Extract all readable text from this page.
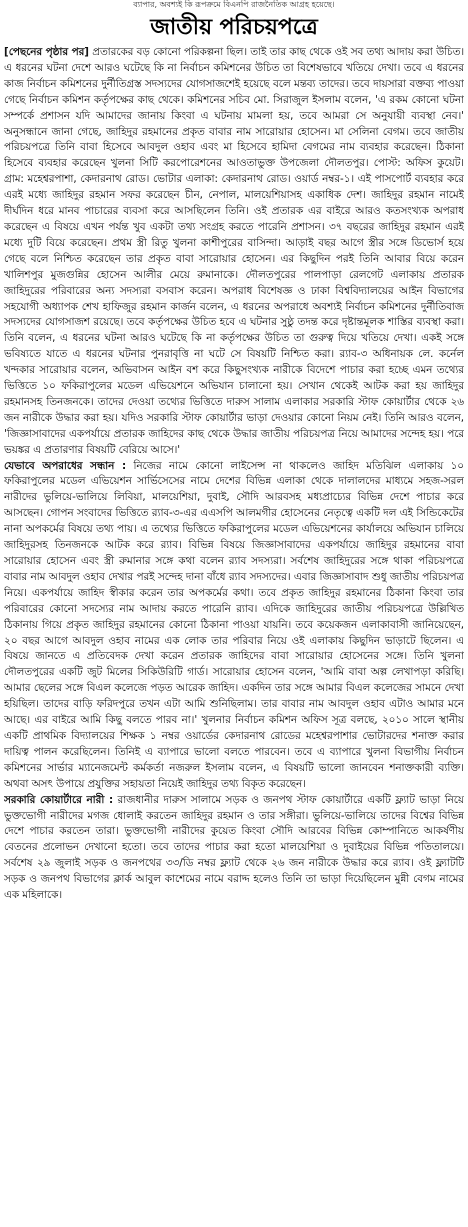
ব্যাপার, অবশ্যই কি রূপক্রমে বিএনপি রাজনৈতিক আগ্রহ হয়েছে।
জাতীয় পরিচয়পত্রে

[পেছনের পৃষ্ঠার পর] প্রতারকের বড় কোনো পরিকল্পনা ছিল। তাই তার কাছ থেকে ওই সব তথ্য আদায় করা উচিত। এ ধরনের ঘটনা দেশে আরও ঘটেছে কি না নির্বাচন কমিশনের উচিত তা বিশেষভাবে খতিয়ে দেখা। তবে এ ধরনের কাজ নির্বাচন কমিশনের দুর্নীতিগ্রস্ত সদস্যদের যোগসাজশেই হয়েছে বলে মন্তব্য তাদের। তবে দায়সারা বক্তব্য পাওয়া গেছে নির্বাচন কমিশন কর্তৃপক্ষের কাছ থেকে। কমিশনের সচিব মো. সিরাজুল ইসলাম বলেন, 'এ রকম কোনো ঘটনা সম্পর্কে প্রশাসন যদি আমাদের জানায় কিংবা এ ঘটনায় মামলা হয়, তবে আমরা সে অনুযায়ী ব্যবস্থা নেব।' অনুসন্ধানে জানা গেছে, জাহিদুর রহমানের প্রকৃত বাবার নাম সারোয়ার হোসেন। মা সেলিনা বেগম। তবে জাতীয় পরিচয়পত্রে তিনি বাবা হিসেবে আবদুল ওহাব এবং মা হিসেবে হামিদা বেগমের নাম ব্যবহার করেছেন। ঠিকানা হিসেবে ব্যবহার করেছেন খুলনা সিটি করপোরেশনের আওতাভুক্ত উপজেলা দৌলতপুর। পোস্ট: অফিস কুয়েট। গ্রাম: মহেশ্বরপাশা, কেদারনাথ রোড। ভোটার এলাকা: কেদারনাথ রোড। ওয়ার্ড নম্বর-১। এই পাসপোর্ট ব্যবহার করে এরই মধ্যে জাহিদুর রহমান সফর করেছেন চীন, নেপাল, মালয়েশিয়াসহ একাধিক দেশ। জাহিদুর রহমান নামেই দীর্ঘদিন ধরে মানব পাচারের ব্যবসা করে আসছিলেন তিনি। ওই প্রতারক এর বাইরে আরও কতসংখ্যক অপরাধ করেছেন এ বিষয়ে এখন পর্যন্ত খুব একটা তথ্য সংগ্রহ করতে পারেনি প্রশাসন। ৩৭ বছরের জাহিদুর রহমান এরই মধ্যে দুটি বিয়ে করেছেন। প্রথম স্ত্রী রিতু খুলনা কাশীপুরের বাসিন্দা। আড়াই বছর আগে স্ত্রীর সঙ্গে ডিভোর্স হয়ে গেছে বলে নিশ্চিত করেছেন তার প্রকৃত বাবা সারোয়ার হোসেন। এর কিছুদিন পরই তিনি আবার বিয়ে করেন খালিশপুর মুজগুন্নির হোসেন আলীর মেয়ে রুমানাকে। দৌলতপুরের পালপাড়া রেলগেট এলাকায় প্রতারক জাহিদুরের পরিবারের অন্য সদস্যরা বসবাস করেন। অপরাধ বিশেষজ্ঞ ও ঢাকা বিশ্ববিদ্যালয়ের আইন বিভাগের সহযোগী অধ্যাপক শেখ হাফিজুর রহমান কার্জন বলেন, এ ধরনের অপরাধে অবশ্যই নির্বাচন কমিশনের দুর্নীতিবাজ সদস্যদের যোগসাজশ রয়েছে। তবে কর্তৃপক্ষের উচিত হবে এ ঘটনার সুষ্ঠু তদন্ত করে দৃষ্টান্তমূলক শাস্তির ব্যবস্থা করা। তিনি বলেন, এ ধরনের ঘটনা আরও ঘটেছে কি না কর্তৃপক্ষের উচিত তা গুরুত্ব দিয়ে খতিয়ে দেখা। একই সঙ্গে ভবিষ্যতে যাতে এ ধরনের ঘটনার পুনরাবৃত্তি না ঘটে সে বিষয়টি নিশ্চিত করা। র‌্যাব-৩ অধিনায়ক লে. কর্নেল খন্দকার সারোয়ার বলেন, অভিবাসন আইন বশ করে কিছুসংখ্যক নারীকে বিদেশে পাচার করা হচ্ছে এমন তথ্যের ভিত্তিতে ১০ ফকিরাপুলের মডেল এভিয়েশনে অভিযান চালানো হয়। সেখান থেকেই আটক করা হয় জাহিদুর রহমানসহ তিনজনকে। তাদের দেওয়া তথ্যের ভিত্তিতে দারুস সালাম এলাকার সরকারি স্টাফ কোয়ার্টার থেকে ২৬ জন নারীকে উদ্ধার করা হয়। যদিও সরকারি স্টাফ কোয়ার্টার ভাড়া দেওয়ার কোনো নিয়ম নেই। তিনি আরও বলেন, 'জিজ্ঞাসাবাদের একপর্যায়ে প্রতারক জাহিদের কাছ থেকে উদ্ধার জাতীয় পরিচয়পত্র নিয়ে আমাদের সন্দেহ হয়। পরে ভয়ঙ্কর এ প্রতারণার বিষয়টি বেরিয়ে আসে।'

যেভাবে অপরাধের সন্ধান : নিজের নামে কোনো লাইসেন্স না থাকলেও জাহিদ মতিঝিল এলাকায় ১০ ফকিরাপুলের মডেল এভিয়েশন সার্ভিসেসের নামে দেশের বিভিন্ন এলাকা থেকে দালালদের মাধ্যমে সহজ-সরল নারীদের ভুলিয়ে-ভালিয়ে লিবিয়া, মালয়েশিয়া, দুবাই, সৌদি আরবসহ মধ্যপ্রাচ্যের বিভিন্ন দেশে পাচার করে আসছেন। গোপন সংবাদের ভিত্তিতে র‌্যাব-৩-এর এএসপি আলমগীর হোসেনের নেতৃত্বে একটি দল এই সিন্ডিকেটের নানা অপকর্মের বিষয়ে তথ্য পায়। এ তথ্যের ভিত্তিতে ফকিরাপুলের মডেল এভিয়েশনের কার্যালয়ে অভিযান চালিয়ে জাহিদুরসহ তিনজনকে আটক করে র‌্যাব। বিভিন্ন বিষয়ে জিজ্ঞাসাবাদের একপর্যায়ে জাহিদুর রহমানের বাবা সারোয়ার হোসেন এবং স্ত্রী রুমানার সঙ্গে কথা বলেন র‌্যাব সদস্যরা। সর্বশেষ জাহিদুরের সঙ্গে থাকা পরিচয়পত্রে বাবার নাম আবদুল ওহাব দেখার পরই সন্দেহ দানা বাঁধে র‌্যাব সদস্যদের। এবার জিজ্ঞাসাবাদ শুধু জাতীয় পরিচয়পত্র নিয়ে। একপর্যায়ে জাহিদ স্বীকার করেন তার অপকর্মের কথা। তবে প্রকৃত জাহিদুর রহমানের ঠিকানা কিংবা তার পরিবারের কোনো সদস্যের নাম আদায় করতে পারেনি র‌্যাব। এদিকে জাহিদুরের জাতীয় পরিচয়পত্রে উল্লিখিত ঠিকানায় গিয়ে প্রকৃত জাহিদুর রহমানের কোনো ঠিকানা পাওয়া যায়নি। তবে কয়েকজন এলাকাবাসী জানিয়েছেন, ২০ বছর আগে আবদুল ওহাব নামের এক লোক তার পরিবার নিয়ে ওই এলাকায় কিছুদিন ভাড়াটে ছিলেন। এ বিষয়ে জানতে এ প্রতিবেদক দেখা করেন প্রতারক জাহিদের বাবা সারোয়ার হোসেনের সঙ্গে। তিনি খুলনা দৌলতপুরের একটি জুট মিলের সিকিউরিটি গার্ড। সারোয়ার হোসেন বলেন, 'আমি বাবা অল্প লেখাপড়া করিছি। আমার ছেলের সঙ্গে বিএল কলেজে পড়ত আরেক জাহিদ। একদিন তার সঙ্গে আমার বিএল কলেজের সামনে দেখা হয়িছিল। তাদের বাড়ি ফরিদপুরে তখন এটা আমি শুনিছিলাম। তার বাবার নাম আবদুল ওহাব এটাও আমার মনে আছে। এর বাইরে আমি কিছু বলতে পারব না।' খুলনার নির্বাচন কমিশন অফিস সূত্র বলছে, ২০১০ সালে স্থানীয় একটি প্রাথমিক বিদ্যালয়ের শিক্ষক ১ নম্বর ওয়ার্ডের কেদারনাথ রোডের মহেশ্বরপাশার ভোটারদের শনাক্ত করার দায়িত্ব পালন করেছিলেন। তিনিই এ ব্যাপারে ভালো বলতে পারবেন। তবে এ ব্যাপারে খুলনা বিভাগীয় নির্বাচন কমিশনের সার্ভার ম্যানেজমেন্ট কর্মকর্তা নজরুল ইসলাম বলেন, এ বিষয়টি ভালো জানবেন শনাক্তকারী ব্যক্তি। অথবা অসৎ উপায়ে প্রযুক্তির সহায়তা নিয়েই জাহিদুর তথ্য বিকৃত করেছেন।

সরকারি কোয়ার্টারে নারী : রাজধানীর দারুস সালামে সড়ক ও জনপথ স্টাফ কোয়ার্টারে একটি ফ্ল্যাট ভাড়া নিয়ে ভুক্তভোগী নারীদের মগজ ধোলাই করতেন জাহিদুর রহমান ও তার সঙ্গীরা। ভুলিয়ে-ভালিয়ে তাদের বিশ্বের বিভিন্ন দেশে পাচার করতেন তারা। ভুক্তভোগী নারীদের কুয়েত কিংবা সৌদি আরবের বিভিন্ন কোম্পানিতে আকর্ষণীয় বেতনের প্রলোভন দেখানো হতো। তবে তাদের পাচার করা হতো মালয়েশিয়া ও দুবাইয়ের বিভিন্ন পতিতালয়ে। সর্বশেষ ২৯ জুলাই সড়ক ও জনপথের ৩৩/ডি নম্বর ফ্ল্যাট থেকে ২৬ জন নারীকে উদ্ধার করে র‌্যাব। ওই ফ্ল্যাটটি সড়ক ও জনপথ বিভাগের ক্লার্ক আবুল কাশেমের নামে বরাদ্দ হলেও তিনি তা ভাড়া দিয়েছিলেন মুন্নী বেগম নামের এক মহিলাকে।
